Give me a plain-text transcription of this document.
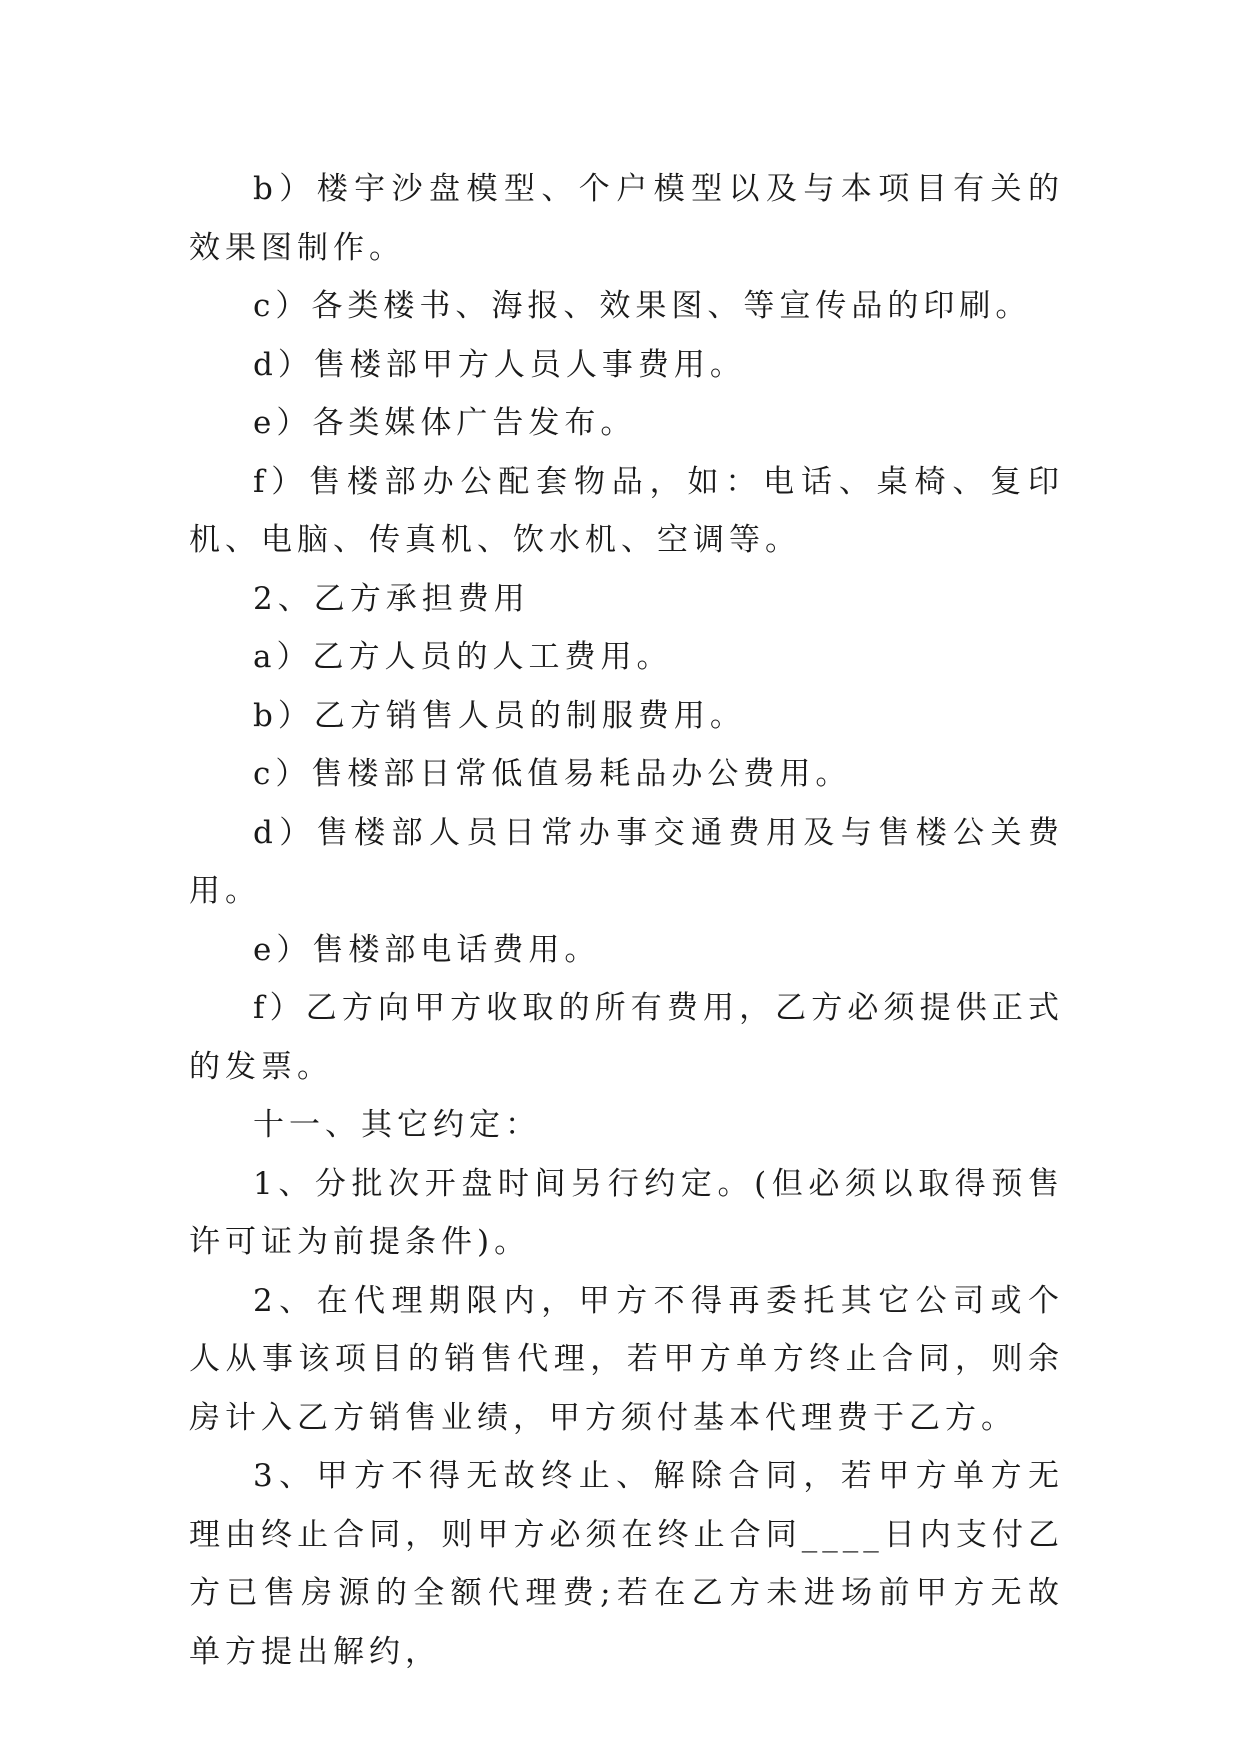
b）楼宇沙盘模型、个户模型以及与本项目有关的效果图制作。

c）各类楼书、海报、效果图、等宣传品的印刷。

d）售楼部甲方人员人事费用。

e）各类媒体广告发布。

f）售楼部办公配套物品，如：电话、桌椅、复印机、电脑、传真机、饮水机、空调等。

2、乙方承担费用

a）乙方人员的人工费用。

b）乙方销售人员的制服费用。

c）售楼部日常低值易耗品办公费用。

d）售楼部人员日常办事交通费用及与售楼公关费用。

e）售楼部电话费用。

f）乙方向甲方收取的所有费用，乙方必须提供正式的发票。

十一、其它约定：

1、分批次开盘时间另行约定。(但必须以取得预售许可证为前提条件)。

2、在代理期限内，甲方不得再委托其它公司或个人从事该项目的销售代理，若甲方单方终止合同，则余房计入乙方销售业绩，甲方须付基本代理费于乙方。

3、甲方不得无故终止、解除合同，若甲方单方无理由终止合同，则甲方必须在终止合同____日内支付乙方已售房源的全额代理费;若在乙方未进场前甲方无故单方提出解约，
